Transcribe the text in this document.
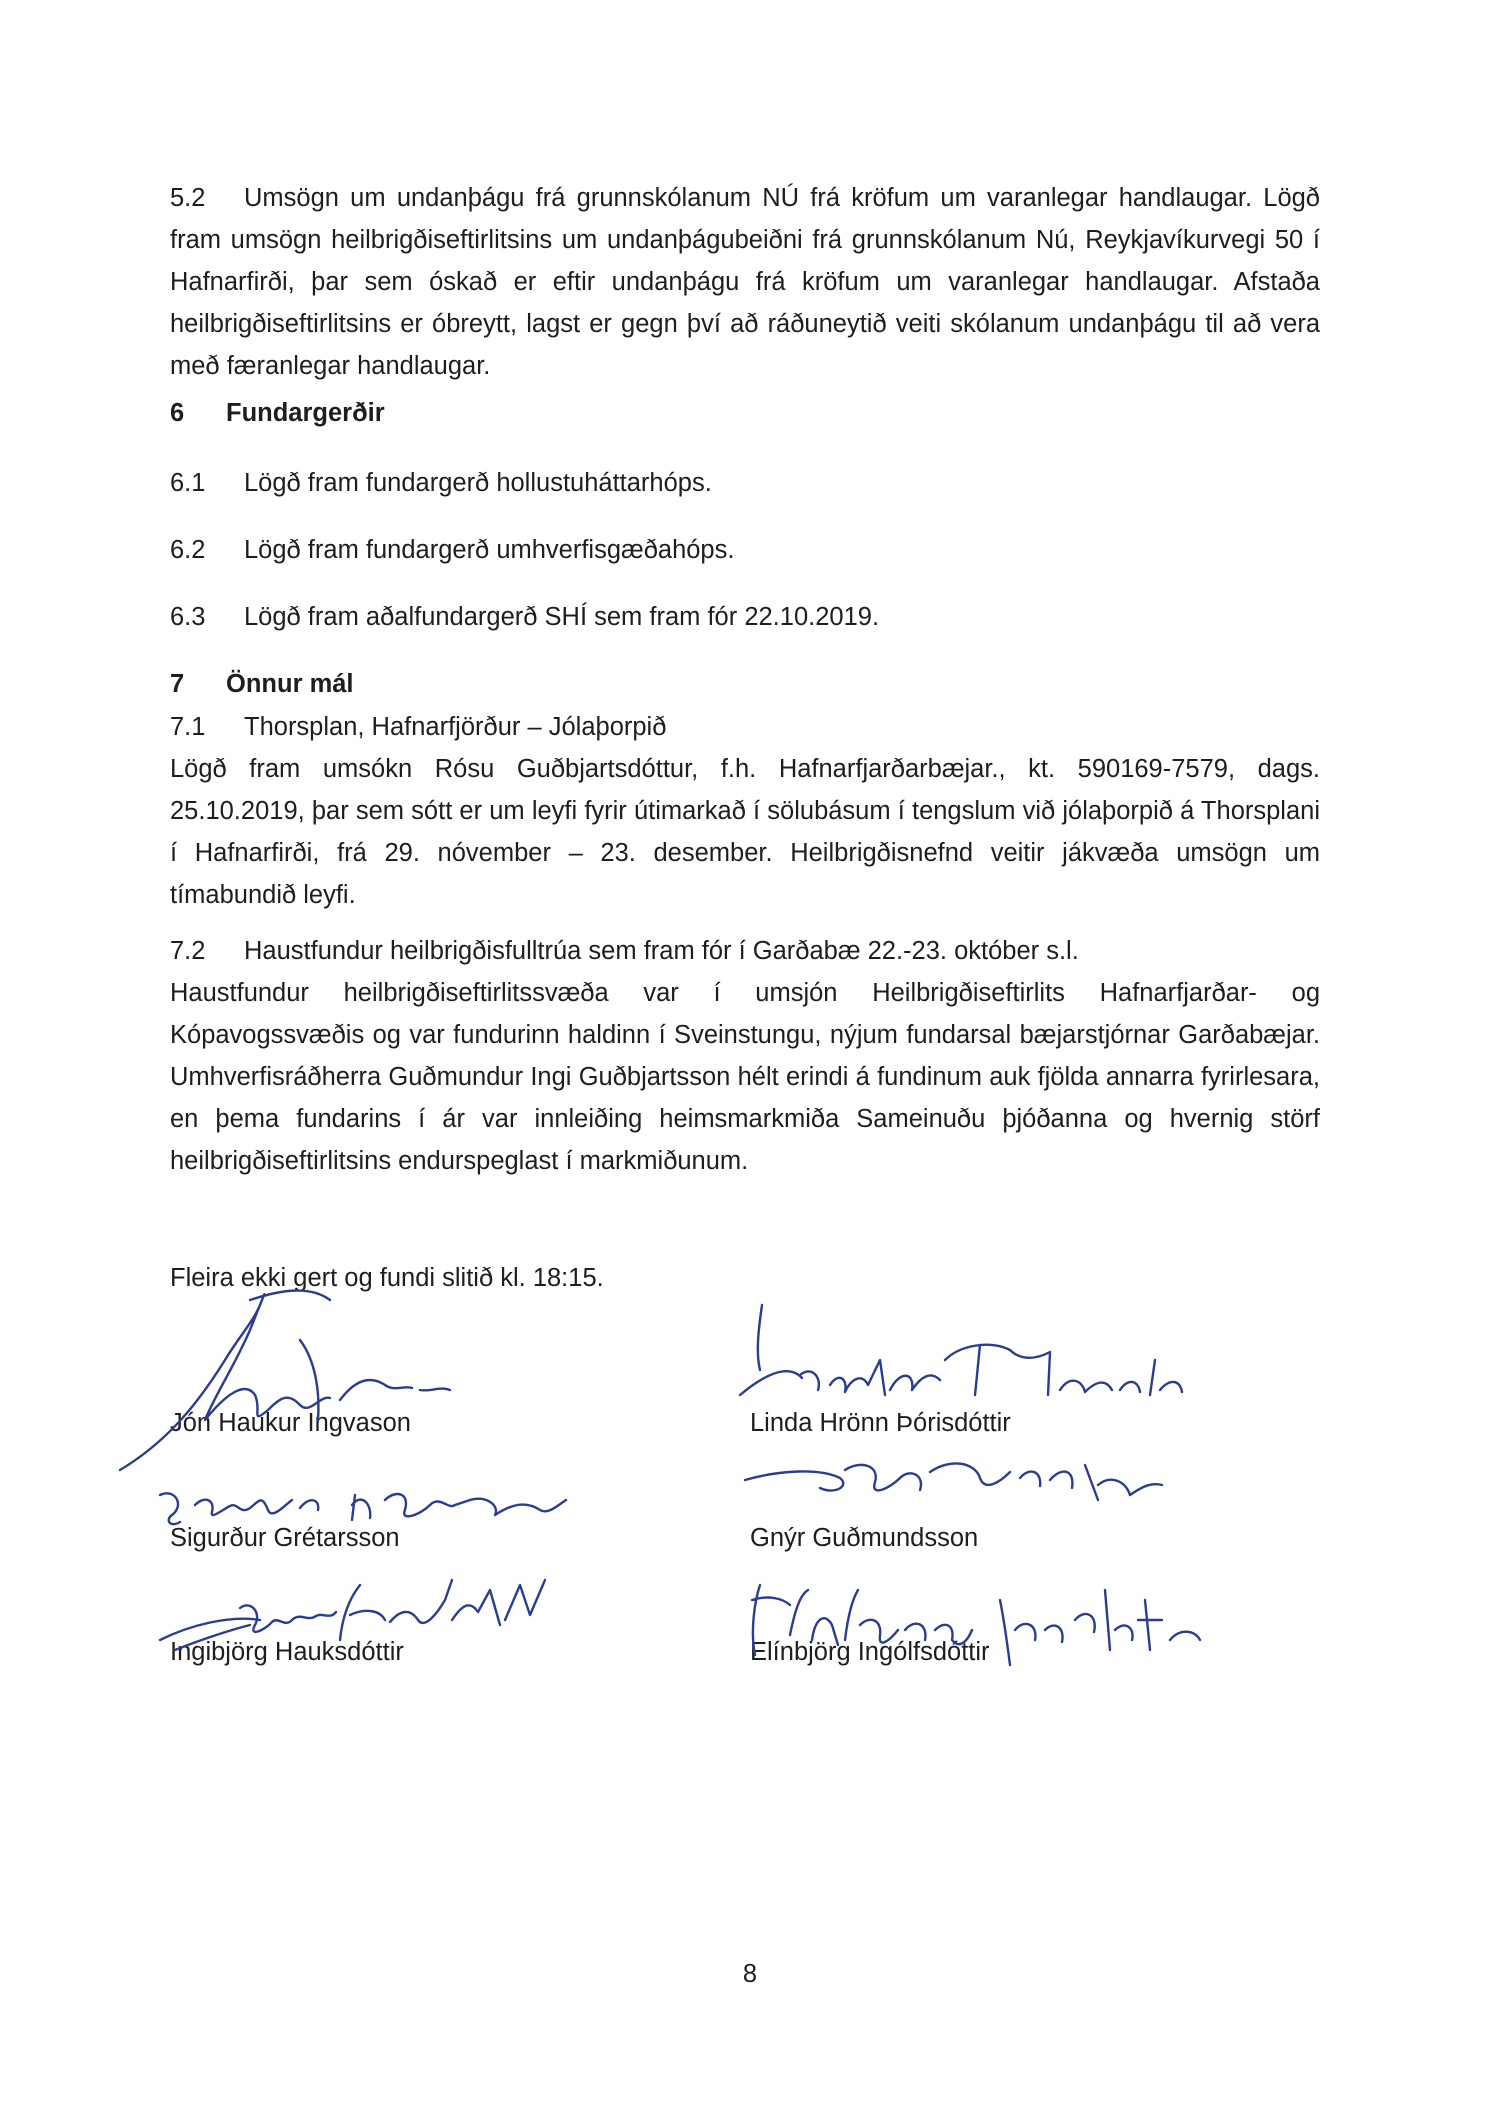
5.2 Umsögn um undanþágu frá grunnskólanum NÚ frá kröfum um varanlegar handlaugar. Lögð fram umsögn heilbrigðiseftirlitsins um undanþágubeiðni frá grunnskólanum Nú, Reykjavíkurvegi 50 í Hafnarfirði, þar sem óskað er eftir undanþágu frá kröfum um varanlegar handlaugar. Afstaða heilbrigðiseftirlitsins er óbreytt, lagst er gegn því að ráðuneytið veiti skólanum undanþágu til að vera með færanlegar handlaugar.
6 Fundargerðir
6.1 Lögð fram fundargerð hollustuháttarhóps.
6.2 Lögð fram fundargerð umhverfisgæðahóps.
6.3 Lögð fram aðalfundargerð SHÍ sem fram fór 22.10.2019.
7 Önnur mál
7.1 Thorsplan, Hafnarfjörður – Jólaþorpið
Lögð fram umsókn Rósu Guðbjartsdóttur, f.h. Hafnarfjarðarbæjar., kt. 590169-7579, dags. 25.10.2019, þar sem sótt er um leyfi fyrir útimarkað í sölubásum í tengslum við jólaþorpið á Thorsplani í Hafnarfirði, frá 29. nóvember – 23. desember. Heilbrigðisnefnd veitir jákvæða umsögn um tímabundið leyfi.
7.2 Haustfundur heilbrigðisfulltrúa sem fram fór í Garðabæ 22.-23. október s.l.
Haustfundur heilbrigðiseftirlitssvæða var í umsjón Heilbrigðiseftirlits Hafnarfjarðar- og Kópavogssvæðis og var fundurinn haldinn í Sveinstungu, nýjum fundarsal bæjarstjórnar Garðabæjar. Umhverfisráðherra Guðmundur Ingi Guðbjartsson hélt erindi á fundinum auk fjölda annarra fyrirlesara, en þema fundarins í ár var innleiðing heimsmarkmiða Sameinuðu þjóðanna og hvernig störf heilbrigðiseftirlitsins endurspeglast í markmiðunum.
Fleira ekki gert og fundi slitið kl. 18:15.
Jón Haukur Ingvason
Sigurður Grétarsson
Ingibjörg Hauksdóttir
Linda Hrönn Þórisdóttir
Gnýr Guðmundsson
Elínbjörg Ingólfsdóttir
8
